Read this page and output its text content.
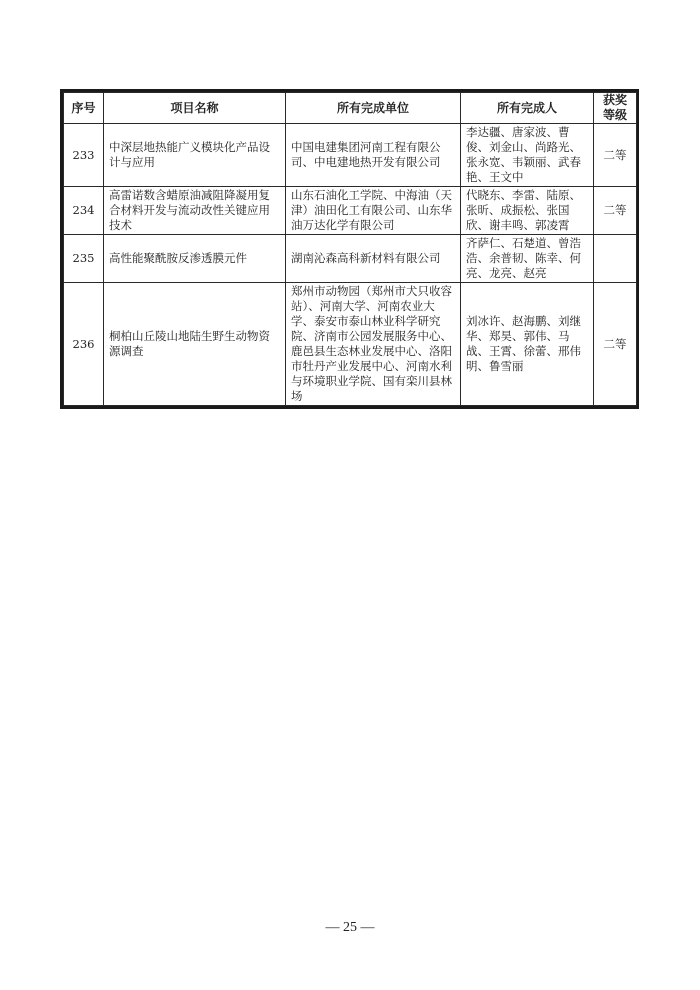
序号	项目名称	所有完成单位	所有完成人	获奖
等级
233	中深层地热能广义模块化产品设计与应用	中国电建集团河南工程有限公司、中电建地热开发有限公司	李达疆、唐家波、曹俊、刘金山、尚路光、张永宽、韦颖丽、武春艳、王文中	二等
234	高雷诺数含蜡原油减阻降凝用复合材料开发与流动改性关键应用技术	山东石油化工学院、中海油（天津）油田化工有限公司、山东华油万达化学有限公司	代晓东、李雷、陆原、张昕、成振松、张国欣、谢丰鸣、郭凌霄	二等
235	高性能聚酰胺反渗透膜元件	湖南沁森高科新材料有限公司	齐萨仁、石楚道、曾浩浩、余普韧、陈幸、何亮、龙亮、赵亮	
236	桐柏山丘陵山地陆生野生动物资源调查	郑州市动物园（郑州市犬只收容站）、河南大学、河南农业大学、泰安市泰山林业科学研究院、济南市公园发展服务中心、鹿邑县生态林业发展中心、洛阳市牡丹产业发展中心、河南水利与环境职业学院、国有栾川县林场	刘冰许、赵海鹏、刘继华、郑昊、郭伟、马战、王霄、徐蕾、邢伟明、鲁雪丽	二等
— 25 —
